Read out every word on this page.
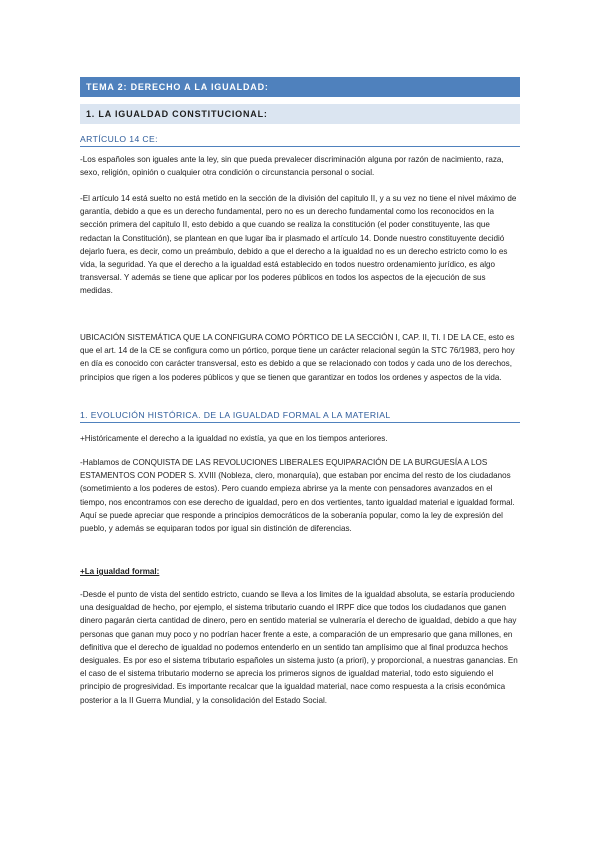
TEMA 2: DERECHO A LA IGUALDAD:
1. LA IGUALDAD CONSTITUCIONAL:
ARTÍCULO 14 CE:

-Los españoles son iguales ante la ley, sin que pueda prevalecer discriminación alguna por razón de nacimiento, raza, sexo, religión, opinión o cualquier otra condición o circunstancia personal o social.

-El artículo 14 está suelto no está metido en la sección de la división del capitulo II, y a su vez no tiene el nivel máximo de garantía, debido a que es un derecho fundamental, pero no es un derecho fundamental como los reconocidos en la sección primera del capitulo II, esto debido a que cuando se realiza la constitución (el poder constituyente, las que redactan la Constitución), se plantean en que lugar iba ir plasmado el artículo 14. Donde nuestro constituyente decidió dejarlo fuera, es decir, como un preámbulo, debido a que el derecho a la igualdad no es un derecho estricto como lo es vida, la seguridad. Ya que el derecho a la igualdad está establecido en todos nuestro ordenamiento jurídico, es algo transversal. Y además se tiene que aplicar por los poderes públicos en todos los aspectos de la ejecución de sus medidas.

UBICACIÓN SISTEMÁTICA QUE LA CONFIGURA COMO PÓRTICO DE LA SECCIÓN I, CAP. II, TI. I DE LA CE, esto es que el art. 14 de la CE se configura como un pórtico, porque tiene un carácter relacional según la STC 76/1983, pero hoy en día es conocido con carácter transversal, esto es debido a que se relacionado con todos y cada uno de los derechos, principios que rigen a los poderes públicos y que se tienen que garantizar en todos los ordenes y aspectos de la vida.

1. EVOLUCIÓN HISTÓRICA. DE LA IGUALDAD FORMAL A LA MATERIAL

+Históricamente el derecho a la igualdad no existía, ya que en los tiempos anteriores.

-Hablamos de CONQUISTA DE LAS REVOLUCIONES LIBERALES EQUIPARACIÓN DE LA BURGUESÍA A LOS ESTAMENTOS CON PODER S. XVIII (Nobleza, clero, monarquía), que estaban por encima del resto de los ciudadanos (sometimiento a los poderes de estos). Pero cuando empieza abrirse ya la mente con pensadores avanzados en el tiempo, nos encontramos con ese derecho de igualdad, pero en dos vertientes, tanto igualdad material e igualdad formal. Aquí se puede apreciar que responde a principios democráticos de la soberanía popular, como la ley de expresión del pueblo, y además se equiparan todos por igual sin distinción de diferencias.

+La igualdad formal:

-Desde el punto de vista del sentido estricto, cuando se lleva a los limites de la igualdad absoluta, se estaría produciendo una desigualdad de hecho, por ejemplo, el sistema tributario cuando el IRPF dice que todos los ciudadanos que ganen dinero pagarán cierta cantidad de dinero, pero en sentido material se vulneraría el derecho de igualdad, debido a que hay personas que ganan muy poco y no podrían hacer frente a este, a comparación de un empresario que gana millones, en definitiva que el derecho de igualdad no podemos entenderlo en un sentido tan amplísimo que al final produzca hechos desiguales. Es por eso el sistema tributario españoles un sistema justo (a priori), y proporcional, a nuestras ganancias. En el caso de el sistema tributario moderno se aprecia los primeros signos de igualdad material, todo esto siguiendo el principio de progresividad. Es importante recalcar que la igualdad material, nace como respuesta a la crisis económica posterior a la II Guerra Mundial, y la consolidación del Estado Social.
